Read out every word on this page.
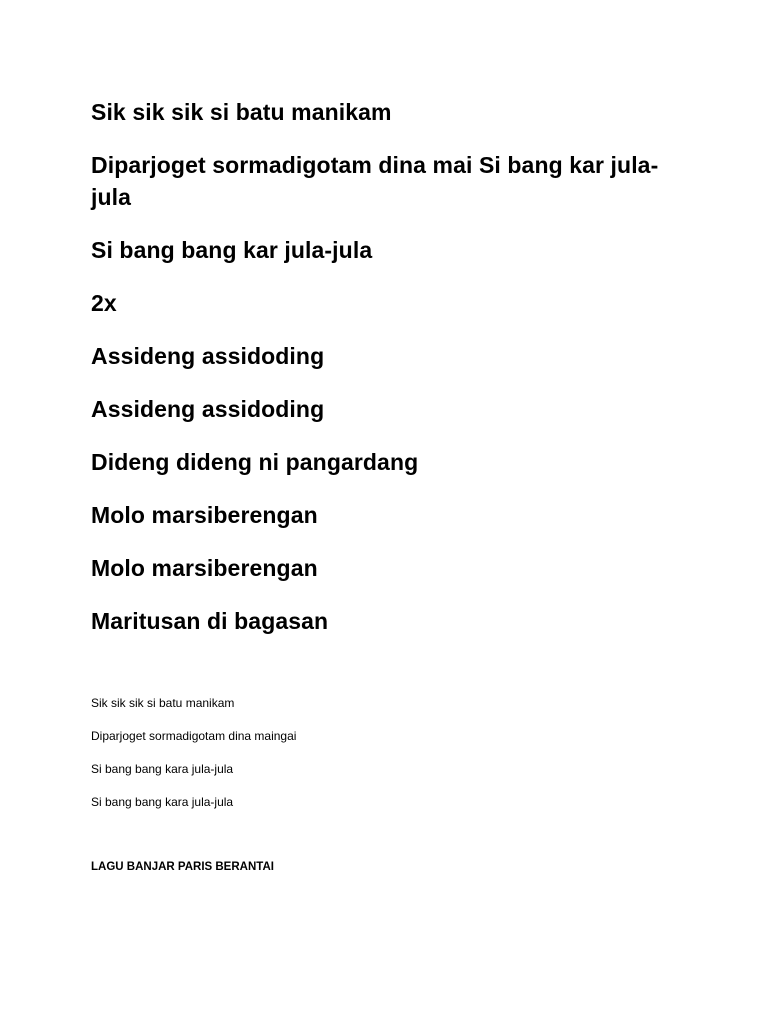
Sik sik sik si batu manikam

Diparjoget sormadigotam dina mai Si bang kar jula-jula

Si bang bang kar jula-jula

2x

Assideng assidoding

Assideng assidoding

Dideng dideng ni pangardang

Molo marsiberengan

Molo marsiberengan

Maritusan di bagasan

Sik sik sik si batu manikam

Diparjoget sormadigotam dina maingai

Si bang bang kara jula-jula

Si bang bang kara jula-jula

LAGU BANJAR PARIS BERANTAI
